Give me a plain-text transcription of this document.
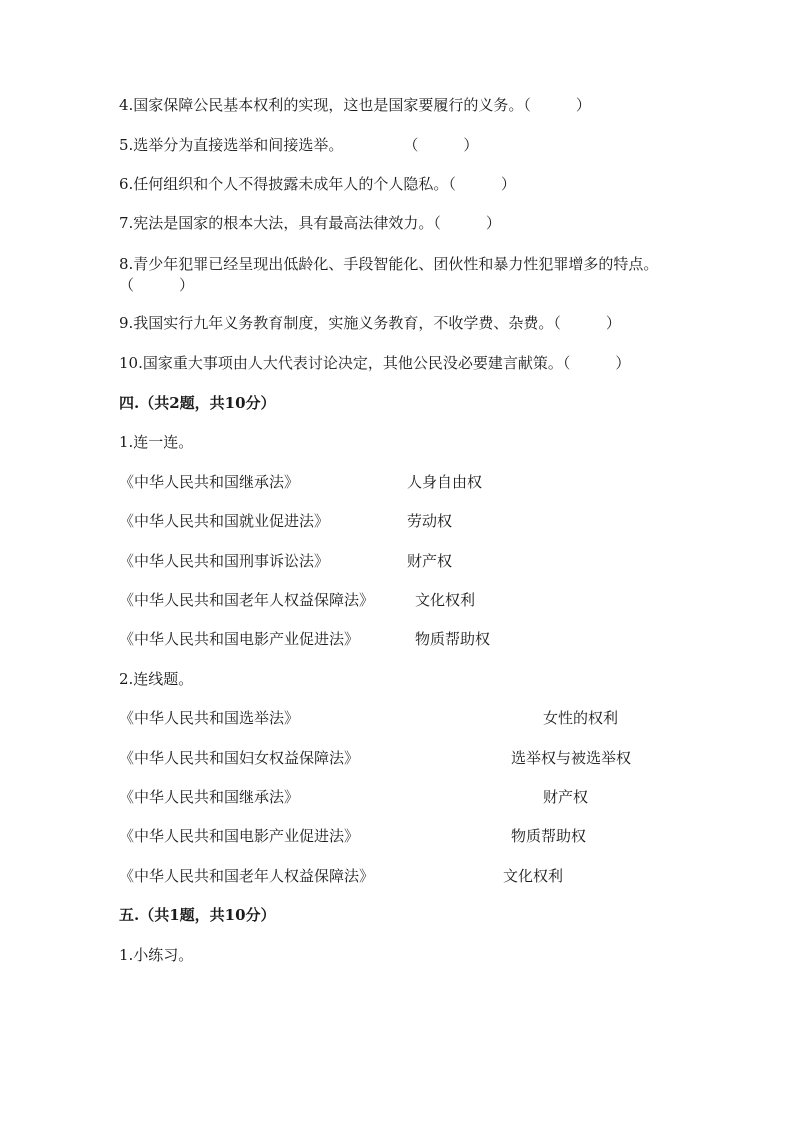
4.国家保障公民基本权利的实现，这也是国家要履行的义务。（　　　）
5.选举分为直接选举和间接选举。　　　　　（　　　）
6.任何组织和个人不得披露未成年人的个人隐私。（　　　）
7.宪法是国家的根本大法，具有最高法律效力。（　　　）
8.青少年犯罪已经呈现出低龄化、手段智能化、团伙性和暴力性犯罪增多的特点。（　　　）
9.我国实行九年义务教育制度，实施义务教育，不收学费、杂费。（　　　）
10.国家重大事项由人大代表讨论决定，其他公民没必要建言献策。（　　　）
四.（共2题，共10分）
1.连一连。
《中华人民共和国继承法》	人身自由权
《中华人民共和国就业促进法》	劳动权
《中华人民共和国刑事诉讼法》	财产权
《中华人民共和国老年人权益保障法》	文化权利
《中华人民共和国电影产业促进法》	物质帮助权
2.连线题。
《中华人民共和国选举法》	女性的权利
《中华人民共和国妇女权益保障法》	选举权与被选举权
《中华人民共和国继承法》	财产权
《中华人民共和国电影产业促进法》	物质帮助权
《中华人民共和国老年人权益保障法》	文化权利
五.（共1题，共10分）
1.小练习。
